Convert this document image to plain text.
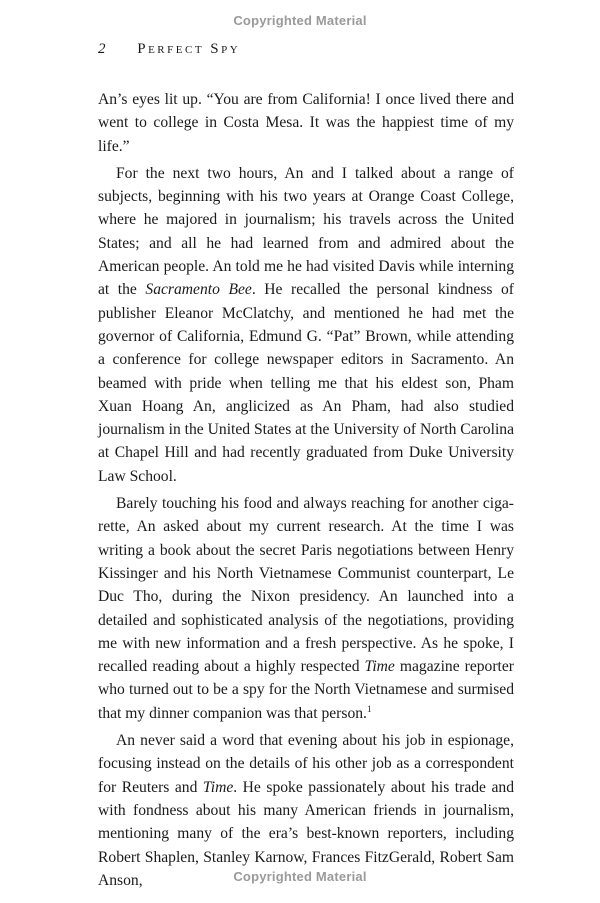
Copyrighted Material
2 Perfect Spy

An’s eyes lit up. “You are from California! I once lived there and went to college in Costa Mesa. It was the happiest time of my life.”

For the next two hours, An and I talked about a range of subjects, beginning with his two years at Orange Coast College, where he majored in journalism; his travels across the United States; and all he had learned from and admired about the American people. An told me he had visited Davis while interning at the Sacramento Bee. He recalled the personal kindness of publisher Eleanor McClatchy, and mentioned he had met the governor of California, Edmund G. “Pat” Brown, while attending a conference for college newspaper editors in Sacramento. An beamed with pride when telling me that his eldest son, Pham Xuan Hoang An, anglicized as An Pham, had also studied journalism in the United States at the University of North Carolina at Chapel Hill and had recently graduated from Duke University Law School.

Barely touching his food and always reaching for another cigarette, An asked about my current research. At the time I was writing a book about the secret Paris negotiations between Henry Kissinger and his North Vietnamese Communist counterpart, Le Duc Tho, during the Nixon presidency. An launched into a detailed and sophisticated analysis of the negotiations, providing me with new information and a fresh perspective. As he spoke, I recalled reading about a highly respected Time magazine reporter who turned out to be a spy for the North Vietnamese and surmised that my dinner companion was that person.$^1$

An never said a word that evening about his job in espionage, focusing instead on the details of his other job as a correspondent for Reuters and Time. He spoke passionately about his trade and with fondness about his many American friends in journalism, mentioning many of the era’s best-known reporters, including Robert Shaplen, Stanley Karnow, Frances FitzGerald, Robert Sam Anson,	Copyrighted Material
